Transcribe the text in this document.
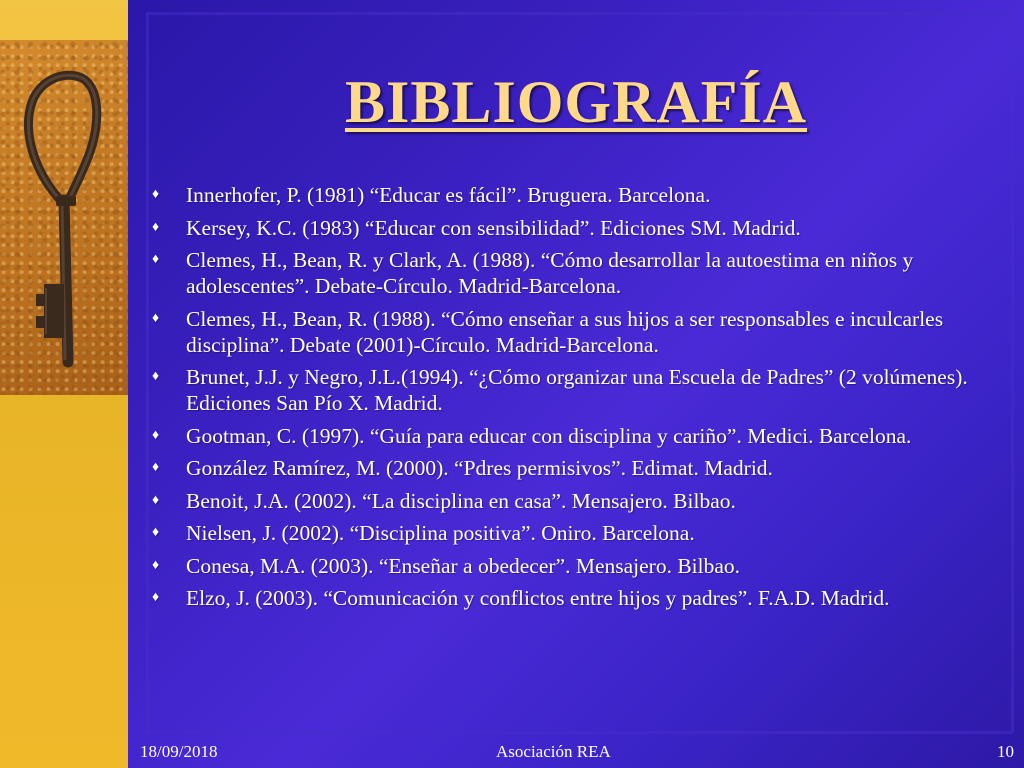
BIBLIOGRAFÍA
♦ Innerhofer, P. (1981) “Educar es fácil”. Bruguera. Barcelona.
♦ Kersey, K.C. (1983) “Educar con sensibilidad”. Ediciones SM. Madrid.
♦ Clemes, H., Bean, R. y Clark, A. (1988). “Cómo desarrollar la autoestima en niños y adolescentes”. Debate-Círculo. Madrid-Barcelona.
♦ Clemes, H., Bean, R. (1988). “Cómo enseñar a sus hijos a ser responsables e inculcarles disciplina”. Debate (2001)-Círculo. Madrid-Barcelona.
♦ Brunet, J.J. y Negro, J.L.(1994). “¿Cómo organizar una Escuela de Padres” (2 volúmenes). Ediciones San Pío X. Madrid.
♦ Gootman, C. (1997). “Guía para educar con disciplina y cariño”. Medici. Barcelona.
♦ González Ramírez, M. (2000). “Pdres permisivos”. Edimat. Madrid.
♦ Benoit, J.A. (2002). “La disciplina en casa”. Mensajero. Bilbao.
♦ Nielsen, J. (2002). “Disciplina positiva”. Oniro. Barcelona.
♦ Conesa, M.A. (2003). “Enseñar a obedecer”. Mensajero. Bilbao.
♦ Elzo, J. (2003). “Comunicación y conflictos entre hijos y padres”. F.A.D. Madrid.
18/09/2018	Asociación REA	10
